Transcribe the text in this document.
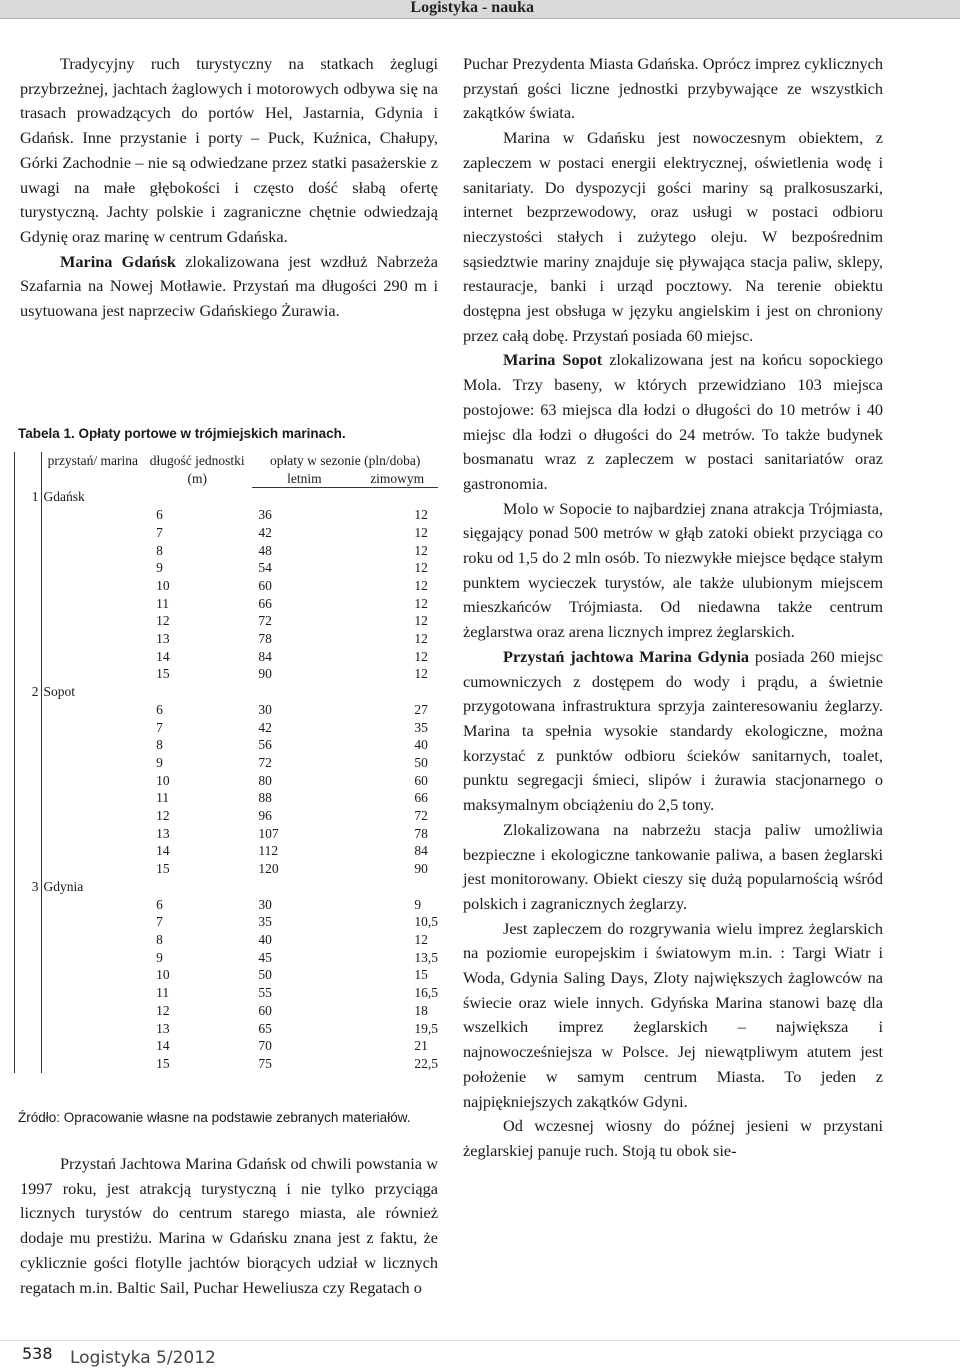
Logistyka - nauka

Tradycyjny ruch turystyczny na statkach żeglugi przybrzeżnej, jachtach żaglowych i motorowych odbywa się na trasach prowadzących do portów Hel, Jastarnia, Gdynia i Gdańsk. Inne przystanie i porty – Puck, Kuźnica, Chałupy, Górki Zachodnie – nie są odwiedzane przez statki pasażerskie z uwagi na małe głębokości i często dość słabą ofertę turystyczną. Jachty polskie i zagraniczne chętnie odwiedzają Gdynię oraz marinę w centrum Gdańska.

Marina Gdańsk zlokalizowana jest wzdłuż Nabrzeża Szafarnia na Nowej Motławie. Przystań ma długości 290 m i usytuowana jest naprzeciw Gdańskiego Żurawia.

Tabela 1. Opłaty portowe w trójmiejskich marinach.
	przystań/ marina	długość jednostki (m)	opłaty w sezonie (pln/doba)	
			letnim	zimowym
1	Gdańsk			
		6	36	12
		7	42	12
		8	48	12
		9	54	12
		10	60	12
		11	66	12
		12	72	12
		13	78	12
		14	84	12
		15	90	12
2	Sopot			
		6	30	27
		7	42	35
		8	56	40
		9	72	50
		10	80	60
		11	88	66
		12	96	72
		13	107	78
		14	112	84
		15	120	90
3	Gdynia			
		6	30	9
		7	35	10,5
		8	40	12
		9	45	13,5
		10	50	15
		11	55	16,5
		12	60	18
		13	65	19,5
		14	70	21
		15	75	22,5
Źródło: Opracowanie własne na podstawie zebranych materiałów.

Przystań Jachtowa Marina Gdańsk od chwili powstania w 1997 roku, jest atrakcją turystyczną i nie tylko przyciąga licznych turystów do centrum starego miasta, ale również dodaje mu prestiżu. Marina w Gdańsku znana jest z faktu, że cyklicznie gości flotylle jachtów biorących udział w licznych regatach m.in. Baltic Sail, Puchar Heweliusza czy Regatach o

Puchar Prezydenta Miasta Gdańska. Oprócz imprez cyklicznych przystań gości liczne jednostki przybywające ze wszystkich zakątków świata.

Marina w Gdańsku jest nowoczesnym obiektem, z zapleczem w postaci energii elektrycznej, oświetlenia wodę i sanitariaty. Do dyspozycji gości mariny są pralkosuszarki, internet bezprzewodowy, oraz usługi w postaci odbioru nieczystości stałych i zużytego oleju. W bezpośrednim sąsiedztwie mariny znajduje się pływająca stacja paliw, sklepy, restauracje, banki i urząd pocztowy. Na terenie obiektu dostępna jest obsługa w języku angielskim i jest on chroniony przez całą dobę. Przystań posiada 60 miejsc.

Marina Sopot zlokalizowana jest na końcu sopockiego Mola. Trzy baseny, w których przewidziano 103 miejsca postojowe: 63 miejsca dla łodzi o długości do 10 metrów i 40 miejsc dla łodzi o długości do 24 metrów. To także budynek bosmanatu wraz z zapleczem w postaci sanitariatów oraz gastronomia.

Molo w Sopocie to najbardziej znana atrakcja Trójmiasta, sięgający ponad 500 metrów w głąb zatoki obiekt przyciąga co roku od 1,5 do 2 mln osób. To niezwykłe miejsce będące stałym punktem wycieczek turystów, ale także ulubionym miejscem mieszkańców Trójmiasta. Od niedawna także centrum żeglarstwa oraz arena licznych imprez żeglarskich.

Przystań jachtowa Marina Gdynia posiada 260 miejsc cumowniczych z dostępem do wody i prądu, a świetnie przygotowana infrastruktura sprzyja zainteresowaniu żeglarzy. Marina ta spełnia wysokie standardy ekologiczne, można korzystać z punktów odbioru ścieków sanitarnych, toalet, punktu segregacji śmieci, slipów i żurawia stacjonarnego o maksymalnym obciążeniu do 2,5 tony.

Zlokalizowana na nabrzeżu stacja paliw umożliwia bezpieczne i ekologiczne tankowanie paliwa, a basen żeglarski jest monitorowany. Obiekt cieszy się dużą popularnością wśród polskich i zagranicznych żeglarzy.

Jest zapleczem do rozgrywania wielu imprez żeglarskich na poziomie europejskim i światowym m.in. : Targi Wiatr i Woda, Gdynia Saling Days, Zloty największych żaglowców na świecie oraz wiele innych. Gdyńska Marina stanowi bazę dla wszelkich imprez żeglarskich – największa i najnowocześniejsza w Polsce. Jej niewątpliwym atutem jest położenie w samym centrum Miasta. To jeden z najpiękniejszych zakątków Gdyni.

Od wczesnej wiosny do późnej jesieni w przystani żeglarskiej panuje ruch. Stoją tu obok sie-

538 Logistyka 5/2012
